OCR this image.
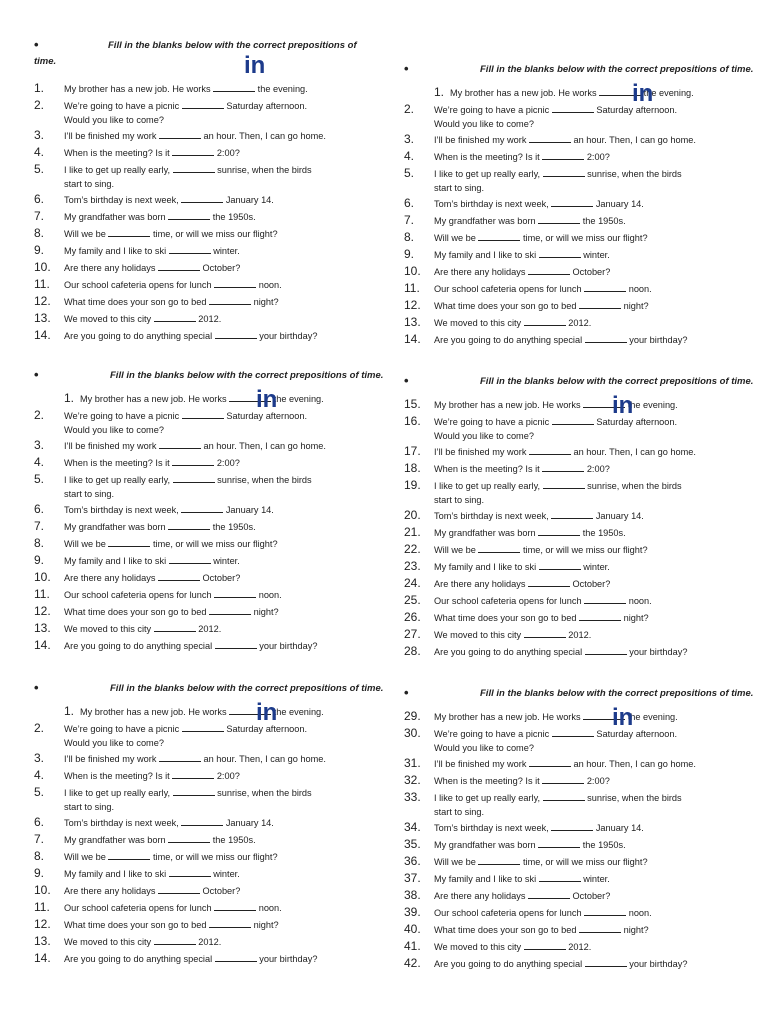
•	Fill in the blanks below with the correct prepositions of
time.
1.	My brother has a new job. He works	the evening.
2.	We’re going to have a picnic	Saturday afternoon.
Would you like to come?
3.	I’ll be finished my work	an hour. Then, I can go home.
4.	When is the meeting? Is it	2:00?
5.	I like to get up really early,	sunrise, when the birds
start to sing.
6.	Tom’s birthday is next week,	January 14.
7.	My grandfather was born	the 1950s.
8.	Will we be	time, or will we miss our flight?
9.	My family and I like to ski	winter.
10.	Are there any holidays	October?
11.	Our school cafeteria opens for lunch	noon.
12.	What time does your son go to bed	night?
13.	We moved to this city	2012.
14.	Are you going to do anything special	your birthday?
in	•	Fill in the blanks below with the correct prepositions of time.
1. My brother has a new job. He works	the evening.
2.	We’re going to have a picnic	Saturday afternoon.
Would you like to come?
3.	I’ll be finished my work	an hour. Then, I can go home.
4.	When is the meeting? Is it	2:00?
5.	I like to get up really early,	sunrise, when the birds
start to sing.
6.	Tom’s birthday is next week,	January 14.
7.	My grandfather was born	the 1950s.
8.	Will we be	time, or will we miss our flight?
9.	My family and I like to ski	winter.
10.	Are there any holidays	October?
11.	Our school cafeteria opens for lunch	noon.
12.	What time does your son go to bed	night?
13.	We moved to this city	2012.
14.	Are you going to do anything special	your birthday?
in
•	Fill in the blanks below with the correct prepositions of time.
1. My brother has a new job. He works	the evening.
2.	We’re going to have a picnic	Saturday afternoon.
Would you like to come?
3.	I’ll be finished my work	an hour. Then, I can go home.
4.	When is the meeting? Is it	2:00?
5.	I like to get up really early,	sunrise, when the birds
start to sing.
6.	Tom’s birthday is next week,	January 14.
7.	My grandfather was born	the 1950s.
8.	Will we be	time, or will we miss our flight?
9.	My family and I like to ski	winter.
10.	Are there any holidays	October?
11.	Our school cafeteria opens for lunch	noon.
12.	What time does your son go to bed	night?
13.	We moved to this city	2012.
14.	Are you going to do anything special	your birthday?
in
•	Fill in the blanks below with the correct prepositions of time.
15.	My brother has a new job. He works	the evening.
16.	We’re going to have a picnic	Saturday afternoon.
Would you like to come?
17.	I’ll be finished my work	an hour. Then, I can go home.
18.	When is the meeting? Is it	2:00?
19.	I like to get up really early,	sunrise, when the birds
start to sing.
20.	Tom’s birthday is next week,	January 14.
21.	My grandfather was born	the 1950s.
22.	Will we be	time, or will we miss our flight?
23.	My family and I like to ski	winter.
24.	Are there any holidays	October?
25.	Our school cafeteria opens for lunch	noon.
26.	What time does your son go to bed	night?
27.	We moved to this city	2012.
28.	Are you going to do anything special	your birthday?
in
•	Fill in the blanks below with the correct prepositions of time.
1. My brother has a new job. He works	the evening.
2.	We’re going to have a picnic	Saturday afternoon.
Would you like to come?
3.	I’ll be finished my work	an hour. Then, I can go home.
4.	When is the meeting? Is it	2:00?
5.	I like to get up really early,	sunrise, when the birds
start to sing.
6.	Tom’s birthday is next week,	January 14.
7.	My grandfather was born	the 1950s.
8.	Will we be	time, or will we miss our flight?
9.	My family and I like to ski	winter.
10.	Are there any holidays	October?
11.	Our school cafeteria opens for lunch	noon.
12.	What time does your son go to bed	night?
13.	We moved to this city	2012.
14.	Are you going to do anything special	your birthday?
in
•	Fill in the blanks below with the correct prepositions of time.
29.	My brother has a new job. He works	the evening.
30.	We’re going to have a picnic	Saturday afternoon.
Would you like to come?
31.	I’ll be finished my work	an hour. Then, I can go home.
32.	When is the meeting? Is it	2:00?
33.	I like to get up really early,	sunrise, when the birds
start to sing.
34.	Tom’s birthday is next week,	January 14.
35.	My grandfather was born	the 1950s.
36.	Will we be	time, or will we miss our flight?
37.	My family and I like to ski	winter.
38.	Are there any holidays	October?
39.	Our school cafeteria opens for lunch	noon.
40.	What time does your son go to bed	night?
41.	We moved to this city	2012.
42.	Are you going to do anything special	your birthday?
in
